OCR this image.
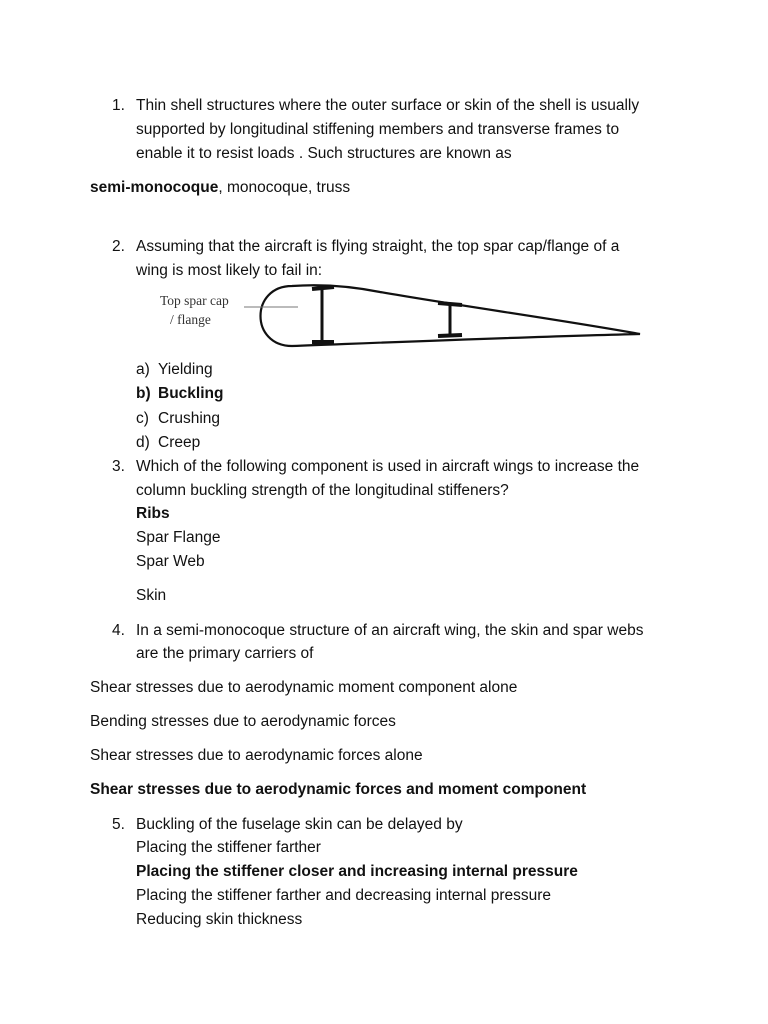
1. Thin shell structures where the outer surface or skin of the shell is usually
supported by longitudinal stiffening members and transverse frames to
enable it to resist loads . Such structures are known as
semi-monocoque, monocoque, truss
2. Assuming that the aircraft is flying straight, the top spar cap/flange of a
wing is most likely to fail in:
Top spar cap
/ flange
a) Yielding
b) Buckling
c) Crushing
d) Creep
3. Which of the following component is used in aircraft wings to increase the
column buckling strength of the longitudinal stiffeners?
Ribs
Spar Flange
Spar Web
Skin
4. In a semi-monocoque structure of an aircraft wing, the skin and spar webs
are the primary carriers of
Shear stresses due to aerodynamic moment component alone
Bending stresses due to aerodynamic forces
Shear stresses due to aerodynamic forces alone
Shear stresses due to aerodynamic forces and moment component
5. Buckling of the fuselage skin can be delayed by
Placing the stiffener farther
Placing the stiffener closer and increasing internal pressure
Placing the stiffener farther and decreasing internal pressure
Reducing skin thickness
